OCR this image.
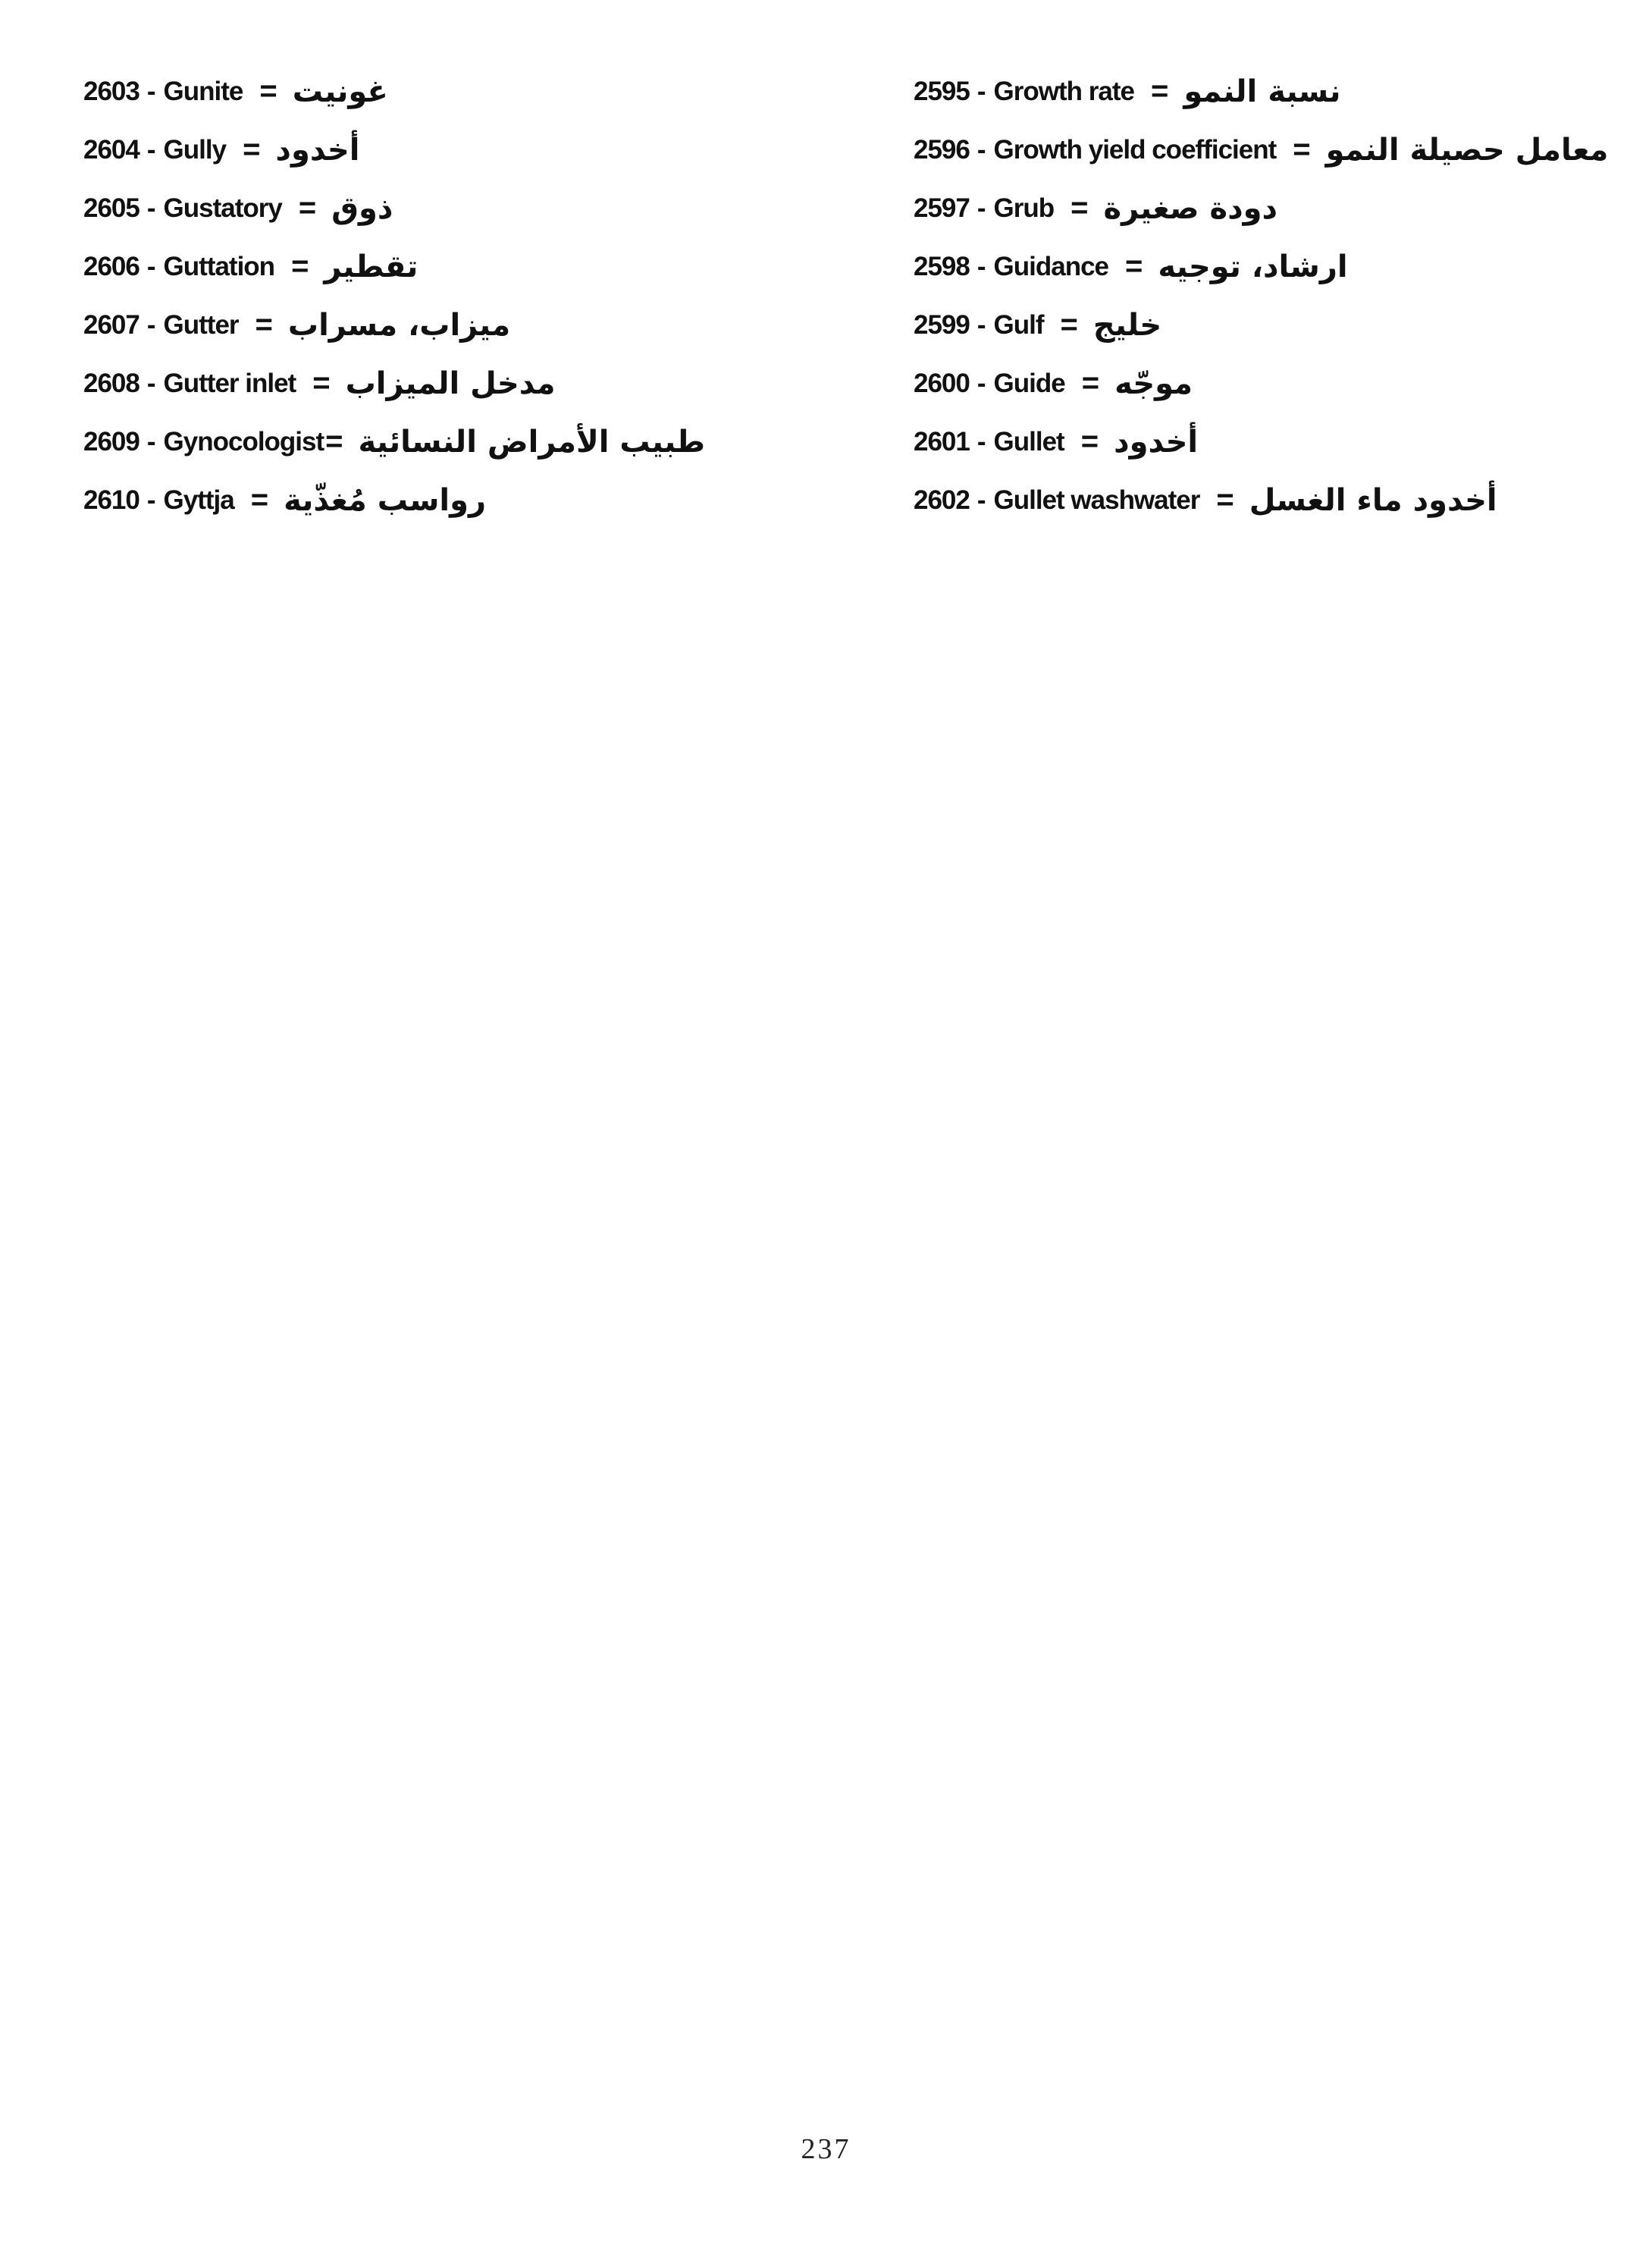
2603 - Gunite = غونيت
2604 - Gully = أخدود
2605 - Gustatory = ذوق
2606 - Guttation = تقطير
2607 - Gutter = ميزاب، مسراب
2608 - Gutter inlet = مدخل الميزاب
2609 - Gynocologist = طبيب الأمراض النسائية
2610 - Gyttja = رواسب مُغذّية
2595 - Growth rate = نسبة النمو
2596 - Growth yield coefficient = معامل حصيلة النمو
2597 - Grub = دودة صغيرة
2598 - Guidance = ارشاد، توجيه
2599 - Gulf = خليج
2600 - Guide = موجّه
2601 - Gullet = أخدود
2602 - Gullet washwater = أخدود ماء الغسل
237
